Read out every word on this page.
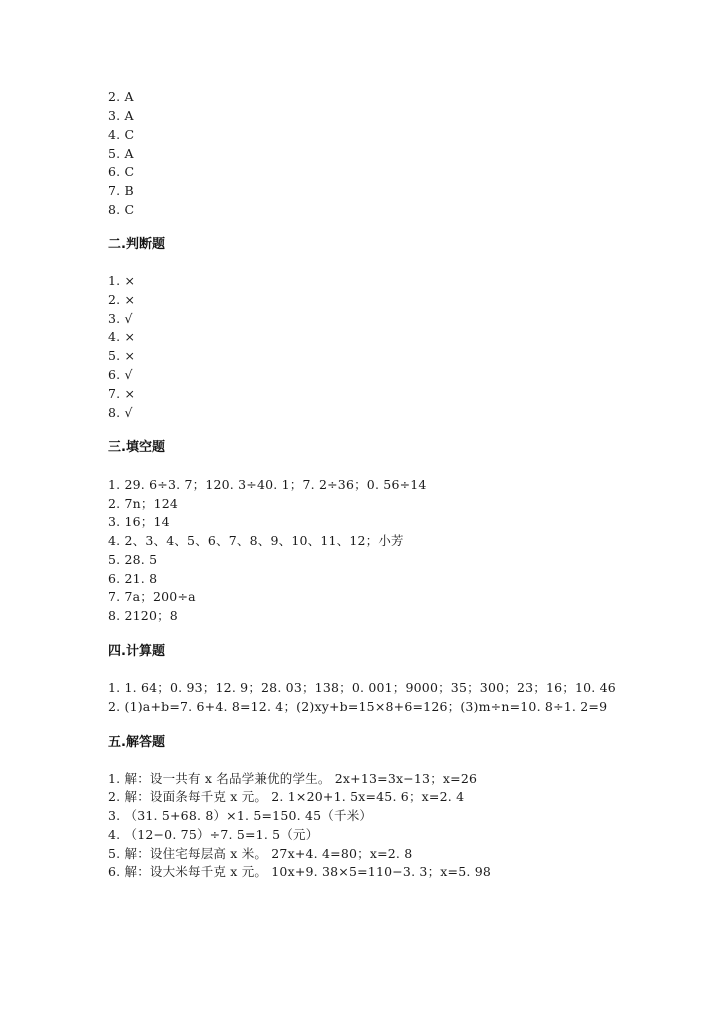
2. A
3. A
4. C
5. A
6. C
7. B
8. C
二.判断题
1. ×
2. ×
3. √
4. ×
5. ×
6. √
7. ×
8. √
三.填空题
1. 29. 6÷3. 7；120. 3÷40. 1；7. 2÷36；0. 56÷14
2. 7n；124
3. 16；14
4. 2、3、4、5、6、7、8、9、10、11、12；小芳
5. 28. 5
6. 21. 8
7. 7a；200÷a
8. 2120；8
四.计算题
1. 1. 64；0. 93；12. 9；28. 03；138；0. 001；9000；35；300；23；16；10. 46
2. (1)a+b=7. 6+4. 8=12. 4；(2)xy+b=15×8+6=126；(3)m÷n=10. 8÷1. 2=9
五.解答题
1. 解：设一共有 x 名品学兼优的学生。 2x+13=3x−13；x=26
2. 解：设面条每千克 x 元。 2. 1×20+1. 5x=45. 6；x=2. 4
3. （31. 5+68. 8）×1. 5=150. 45（千米）
4. （12−0. 75）÷7. 5=1. 5（元）
5. 解：设住宅每层高 x 米。 27x+4. 4=80；x=2. 8
6. 解：设大米每千克 x 元。 10x+9. 38×5=110−3. 3；x=5. 98
